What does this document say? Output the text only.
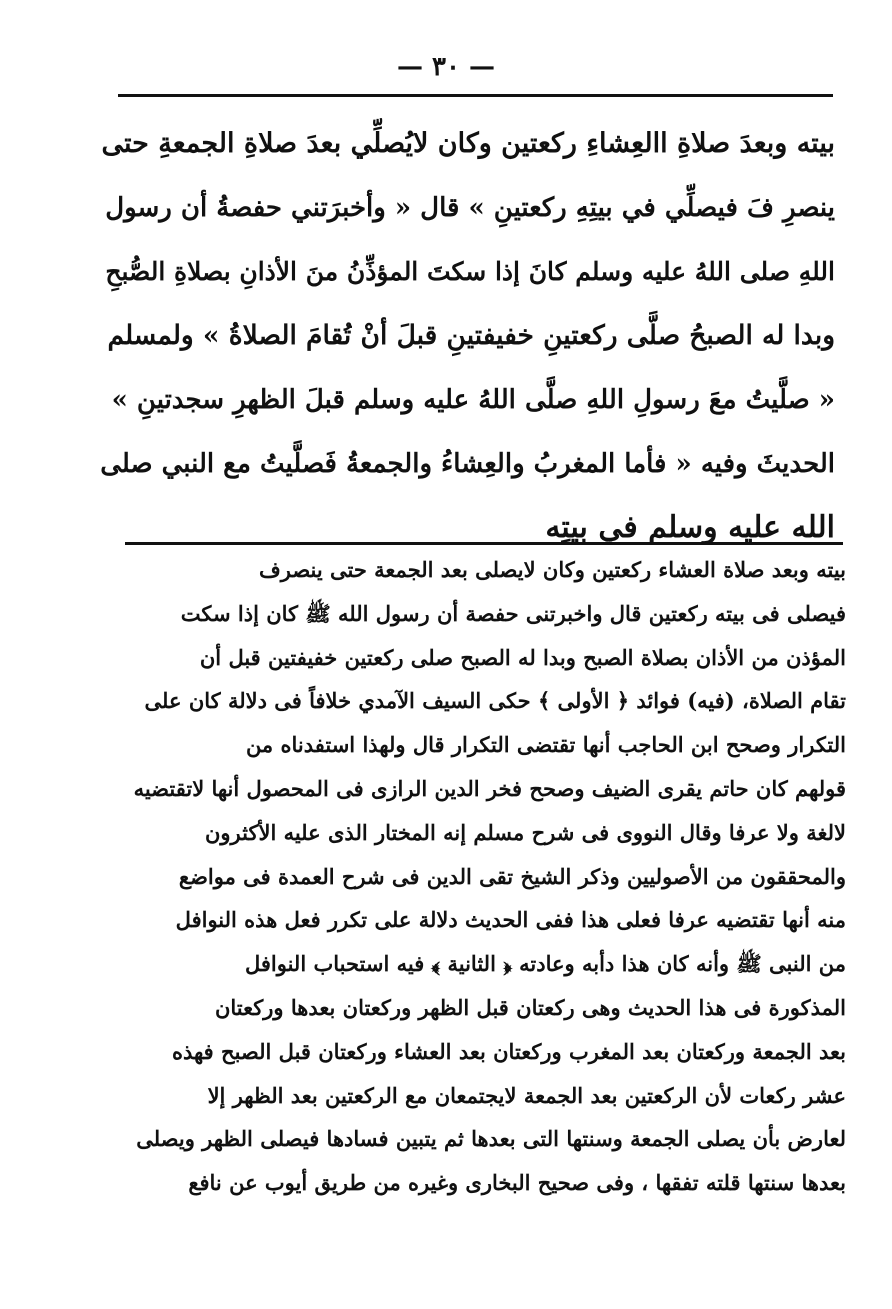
— ٣٠ —
بيته وبعدَ صلاةِ االعِشاءِ ركعتين وكان لايُصلِّي بعدَ صلاةِ الجمعةِ حتى
ينصرِ فَ فيصلِّي في بيتِهِ ركعتينِ » قال « وأخبرَتني حفصةُ أن رسول
اللهِ صلى اللهُ عليه وسلم كانَ إذا سكتَ المؤذِّنُ منَ الأذانِ بصلاةِ الصُّبحِ
وبدا له الصبحُ صلَّى ركعتينِ خفيفتينِ قبلَ أنْ تُقامَ الصلاةُ » ولمسلم
« صلَّيتُ معَ رسولِ اللهِ صلَّى اللهُ عليه وسلم قبلَ الظهرِ سجدتينِ »
الحديثَ وفيه « فأما المغربُ والعِشاءُ والجمعةُ فَصلَّيتُ مع النبي صلى
الله عليه وسلم في بيتِه
بيته وبعد صلاة العشاء ركعتين وكان لايصلى بعد الجمعة حتى ينصرف
فيصلى فى بيته ركعتين قال واخبرتنى حفصة أن رسول الله ﷺ كان إذا سكت
المؤذن من الأذان بصلاة الصبح وبدا له الصبح صلى ركعتين خفيفتين قبل أن
تقام الصلاة، (فيه) فوائد ﴿ الأولى ﴾ حكى السيف الآمدي خلافاً فى دلالة كان على
التكرار وصحح ابن الحاجب أنها تقتضى التكرار قال ولهذا استفدناه من
قولهم كان حاتم يقرى الضيف وصحح فخر الدين الرازى فى المحصول أنها لاتقتضيه
لالغة ولا عرفا وقال النووى فى شرح مسلم إنه المختار الذى عليه الأكثرون
والمحققون من الأصوليين وذكر الشيخ تقى الدين فى شرح العمدة فى مواضع
منه أنها تقتضيه عرفا فعلى هذا ففى الحديث دلالة على تكرر فعل هذه النوافل
من النبى ﷺ وأنه كان هذا دأبه وعادته ﴿ الثانية ﴾ فيه استحباب النوافل
المذكورة فى هذا الحديث وهى ركعتان قبل الظهر وركعتان بعدها وركعتان
بعد الجمعة وركعتان بعد المغرب وركعتان بعد العشاء وركعتان قبل الصبح فهذه
عشر ركعات لأن الركعتين بعد الجمعة لايجتمعان مع الركعتين بعد الظهر إلا
لعارض بأن يصلى الجمعة وسنتها التى بعدها ثم يتبين فسادها فيصلى الظهر ويصلى
بعدها سنتها قلته تفقها ، وفى صحيح البخارى وغيره من طريق أيوب عن نافع
